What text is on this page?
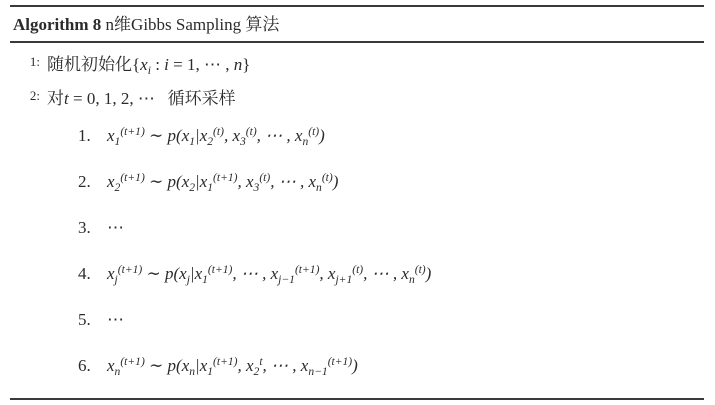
Algorithm 8 n维Gibbs Sampling 算法
1: 随机初始化{$x_i$ : i = 1, ⋯ , n}
2: 对t = 0, 1, 2, ⋯   循环采样
1. $x_1^{(t+1)}$ ∼ $p(x_1|x_2^{(t)}$, $x_3^{(t)}$, ⋯ , $x_n^{(t)}$)
2. $x_2^{(t+1)}$ ∼ $p(x_2|x_1^{(t+1)}$, $x_3^{(t)}$, ⋯ , $x_n^{(t)}$)
3. ⋯
4. $x_j^{(t+1)}$ ∼ $p(x_j|x_1^{(t+1)}$, ⋯ , $x_{j-1}^{(t+1)}$, $x_{j+1}^{(t)}$, ⋯ , $x_n^{(t)}$)
5. ⋯
6. $x_n^{(t+1)}$ ∼ $p(x_n|x_1^{(t+1)}$, $x_2^t$, ⋯ , $x_{n-1}^{(t+1)}$)
